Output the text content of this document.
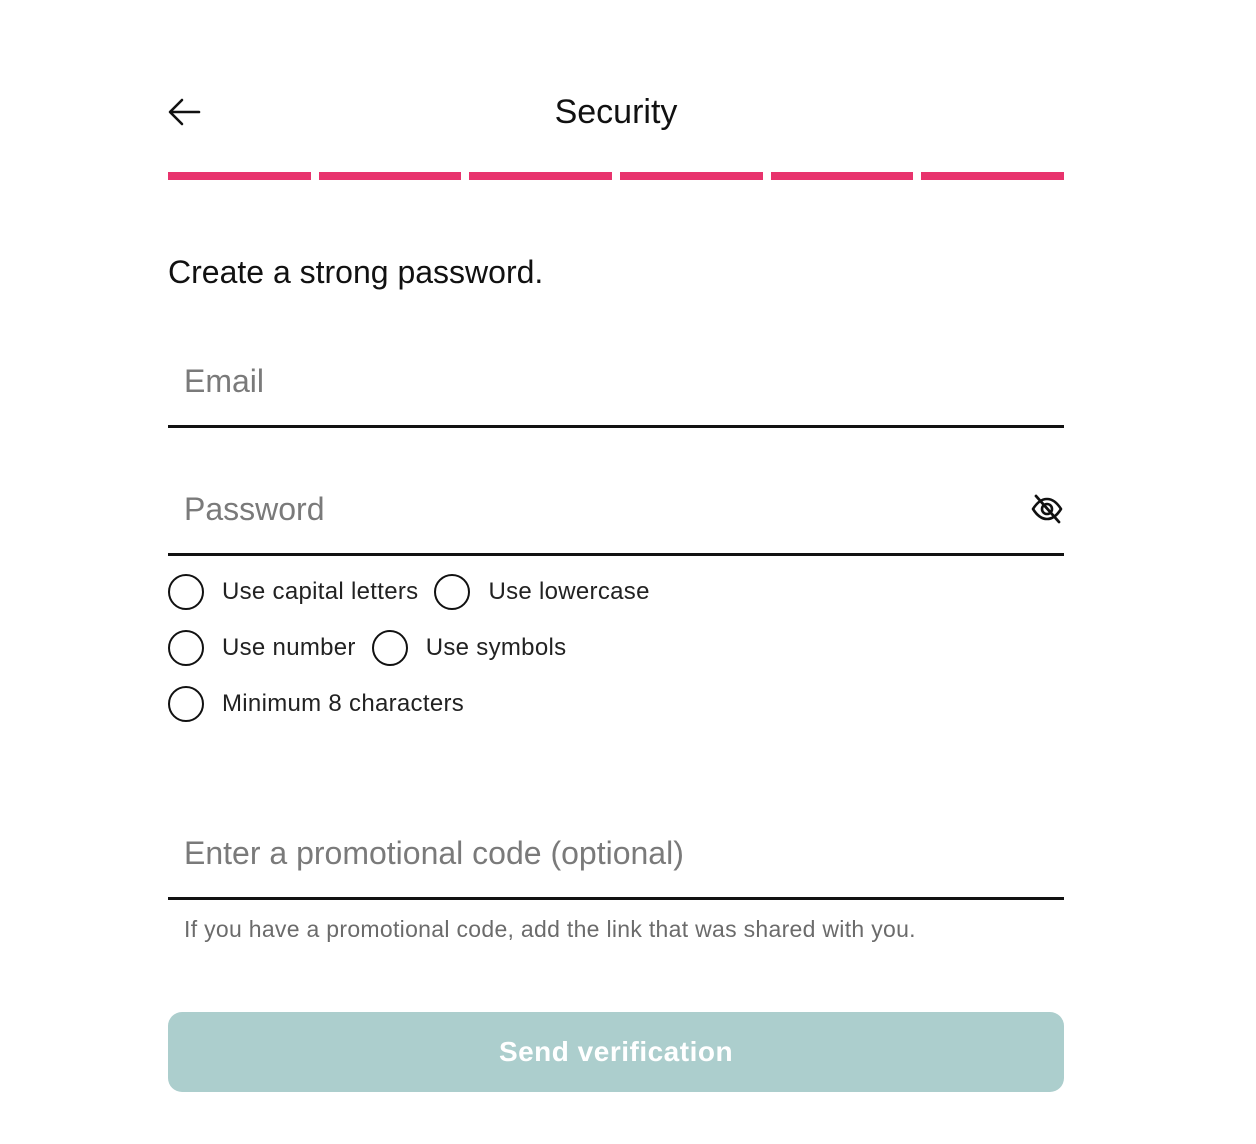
Security
Create a strong password.
Email
Use capital letters	Use lowercase
Use number	Use symbols
Minimum 8 characters
Enter a promotional code (optional)
If you have a promotional code, add the link that was shared with you.
Send verification
